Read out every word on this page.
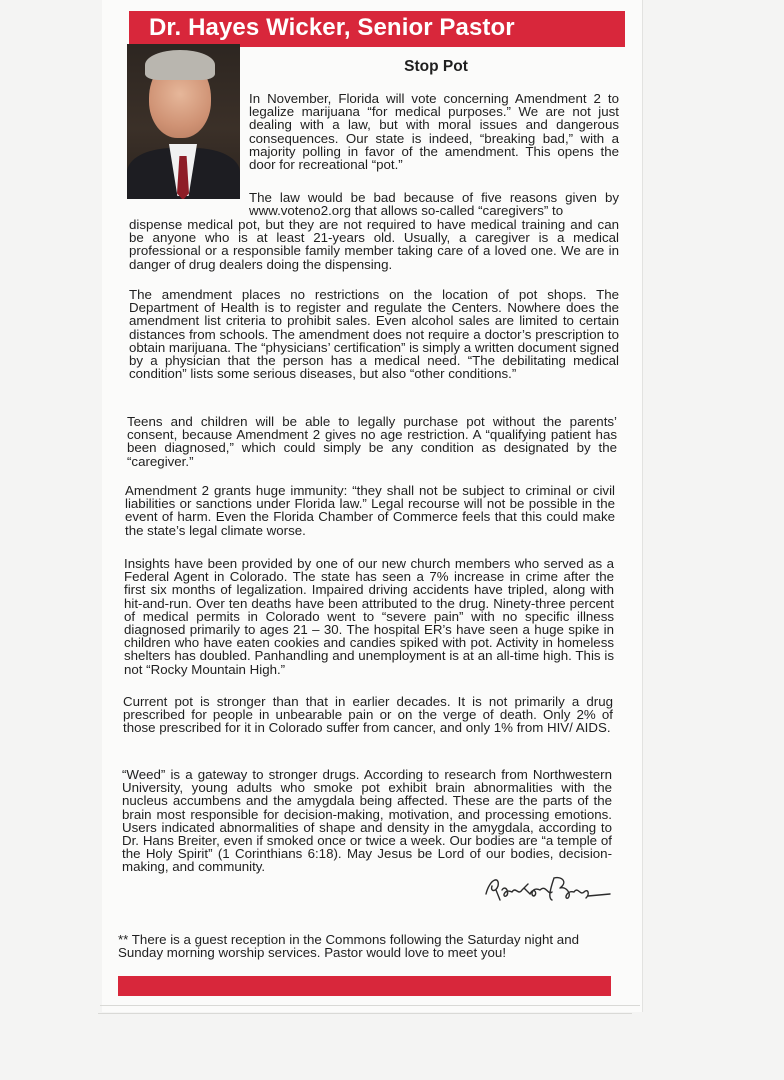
Dr. Hayes Wicker, Senior Pastor
Stop Pot

In November, Florida will vote concerning Amendment 2 to legalize marijuana “for medical purposes.” We are not just dealing with a law, but with moral issues and dangerous consequences. Our state is indeed, “breaking bad,” with a majority polling in favor of the amendment. This opens the door for recreational “pot.”

The law would be bad because of five reasons given by www.voteno2.org that allows so-called “caregivers” to

dispense medical pot, but they are not required to have medical training and can be anyone who is at least 21-years old. Usually, a caregiver is a medical professional or a responsible family member taking care of a loved one. We are in danger of drug dealers doing the dispensing.

The amendment places no restrictions on the location of pot shops. The Department of Health is to register and regulate the Centers. Nowhere does the amendment list criteria to prohibit sales. Even alcohol sales are limited to certain distances from schools. The amendment does not require a doctor’s prescription to obtain marijuana. The “physicians’ certification” is simply a written document signed by a physician that the person has a medical need. “The debilitating medical condition” lists some serious diseases, but also “other conditions.”

Teens and children will be able to legally purchase pot without the parents’ consent, because Amendment 2 gives no age restriction. A “qualifying patient has been diagnosed,” which could simply be any condition as designated by the “caregiver.”

Amendment 2 grants huge immunity: “they shall not be subject to criminal or civil liabilities or sanctions under Florida law.” Legal recourse will not be possible in the event of harm. Even the Florida Chamber of Commerce feels that this could make the state’s legal climate worse.

Insights have been provided by one of our new church members who served as a Federal Agent in Colorado. The state has seen a 7% increase in crime after the first six months of legalization. Impaired driving accidents have tripled, along with hit-and-run. Over ten deaths have been attributed to the drug. Ninety-three percent of medical permits in Colorado went to “severe pain” with no specific illness diagnosed primarily to ages 21 – 30. The hospital ER’s have seen a huge spike in children who have eaten cookies and candies spiked with pot. Activity in homeless shelters has doubled. Panhandling and unemployment is at an all-time high. This is not “Rocky Mountain High.”

Current pot is stronger than that in earlier decades. It is not primarily a drug prescribed for people in unbearable pain or on the verge of death. Only 2% of those prescribed for it in Colorado suffer from cancer, and only 1% from HIV/ AIDS.

“Weed” is a gateway to stronger drugs. According to research from Northwestern University, young adults who smoke pot exhibit brain abnormalities with the nucleus accumbens and the amygdala being affected. These are the parts of the brain most responsible for decision-making, motivation, and processing emotions. Users indicated abnormalities of shape and density in the amygdala, according to Dr. Hans Breiter, even if smoked once or twice a week. Our bodies are “a temple of the Holy Spirit” (1 Corinthians 6:18). May Jesus be Lord of our bodies, decision-making, and community.	Pastor Hayes

** There is a guest reception in the Commons following the Saturday night and Sunday morning worship services. Pastor would love to meet you!
